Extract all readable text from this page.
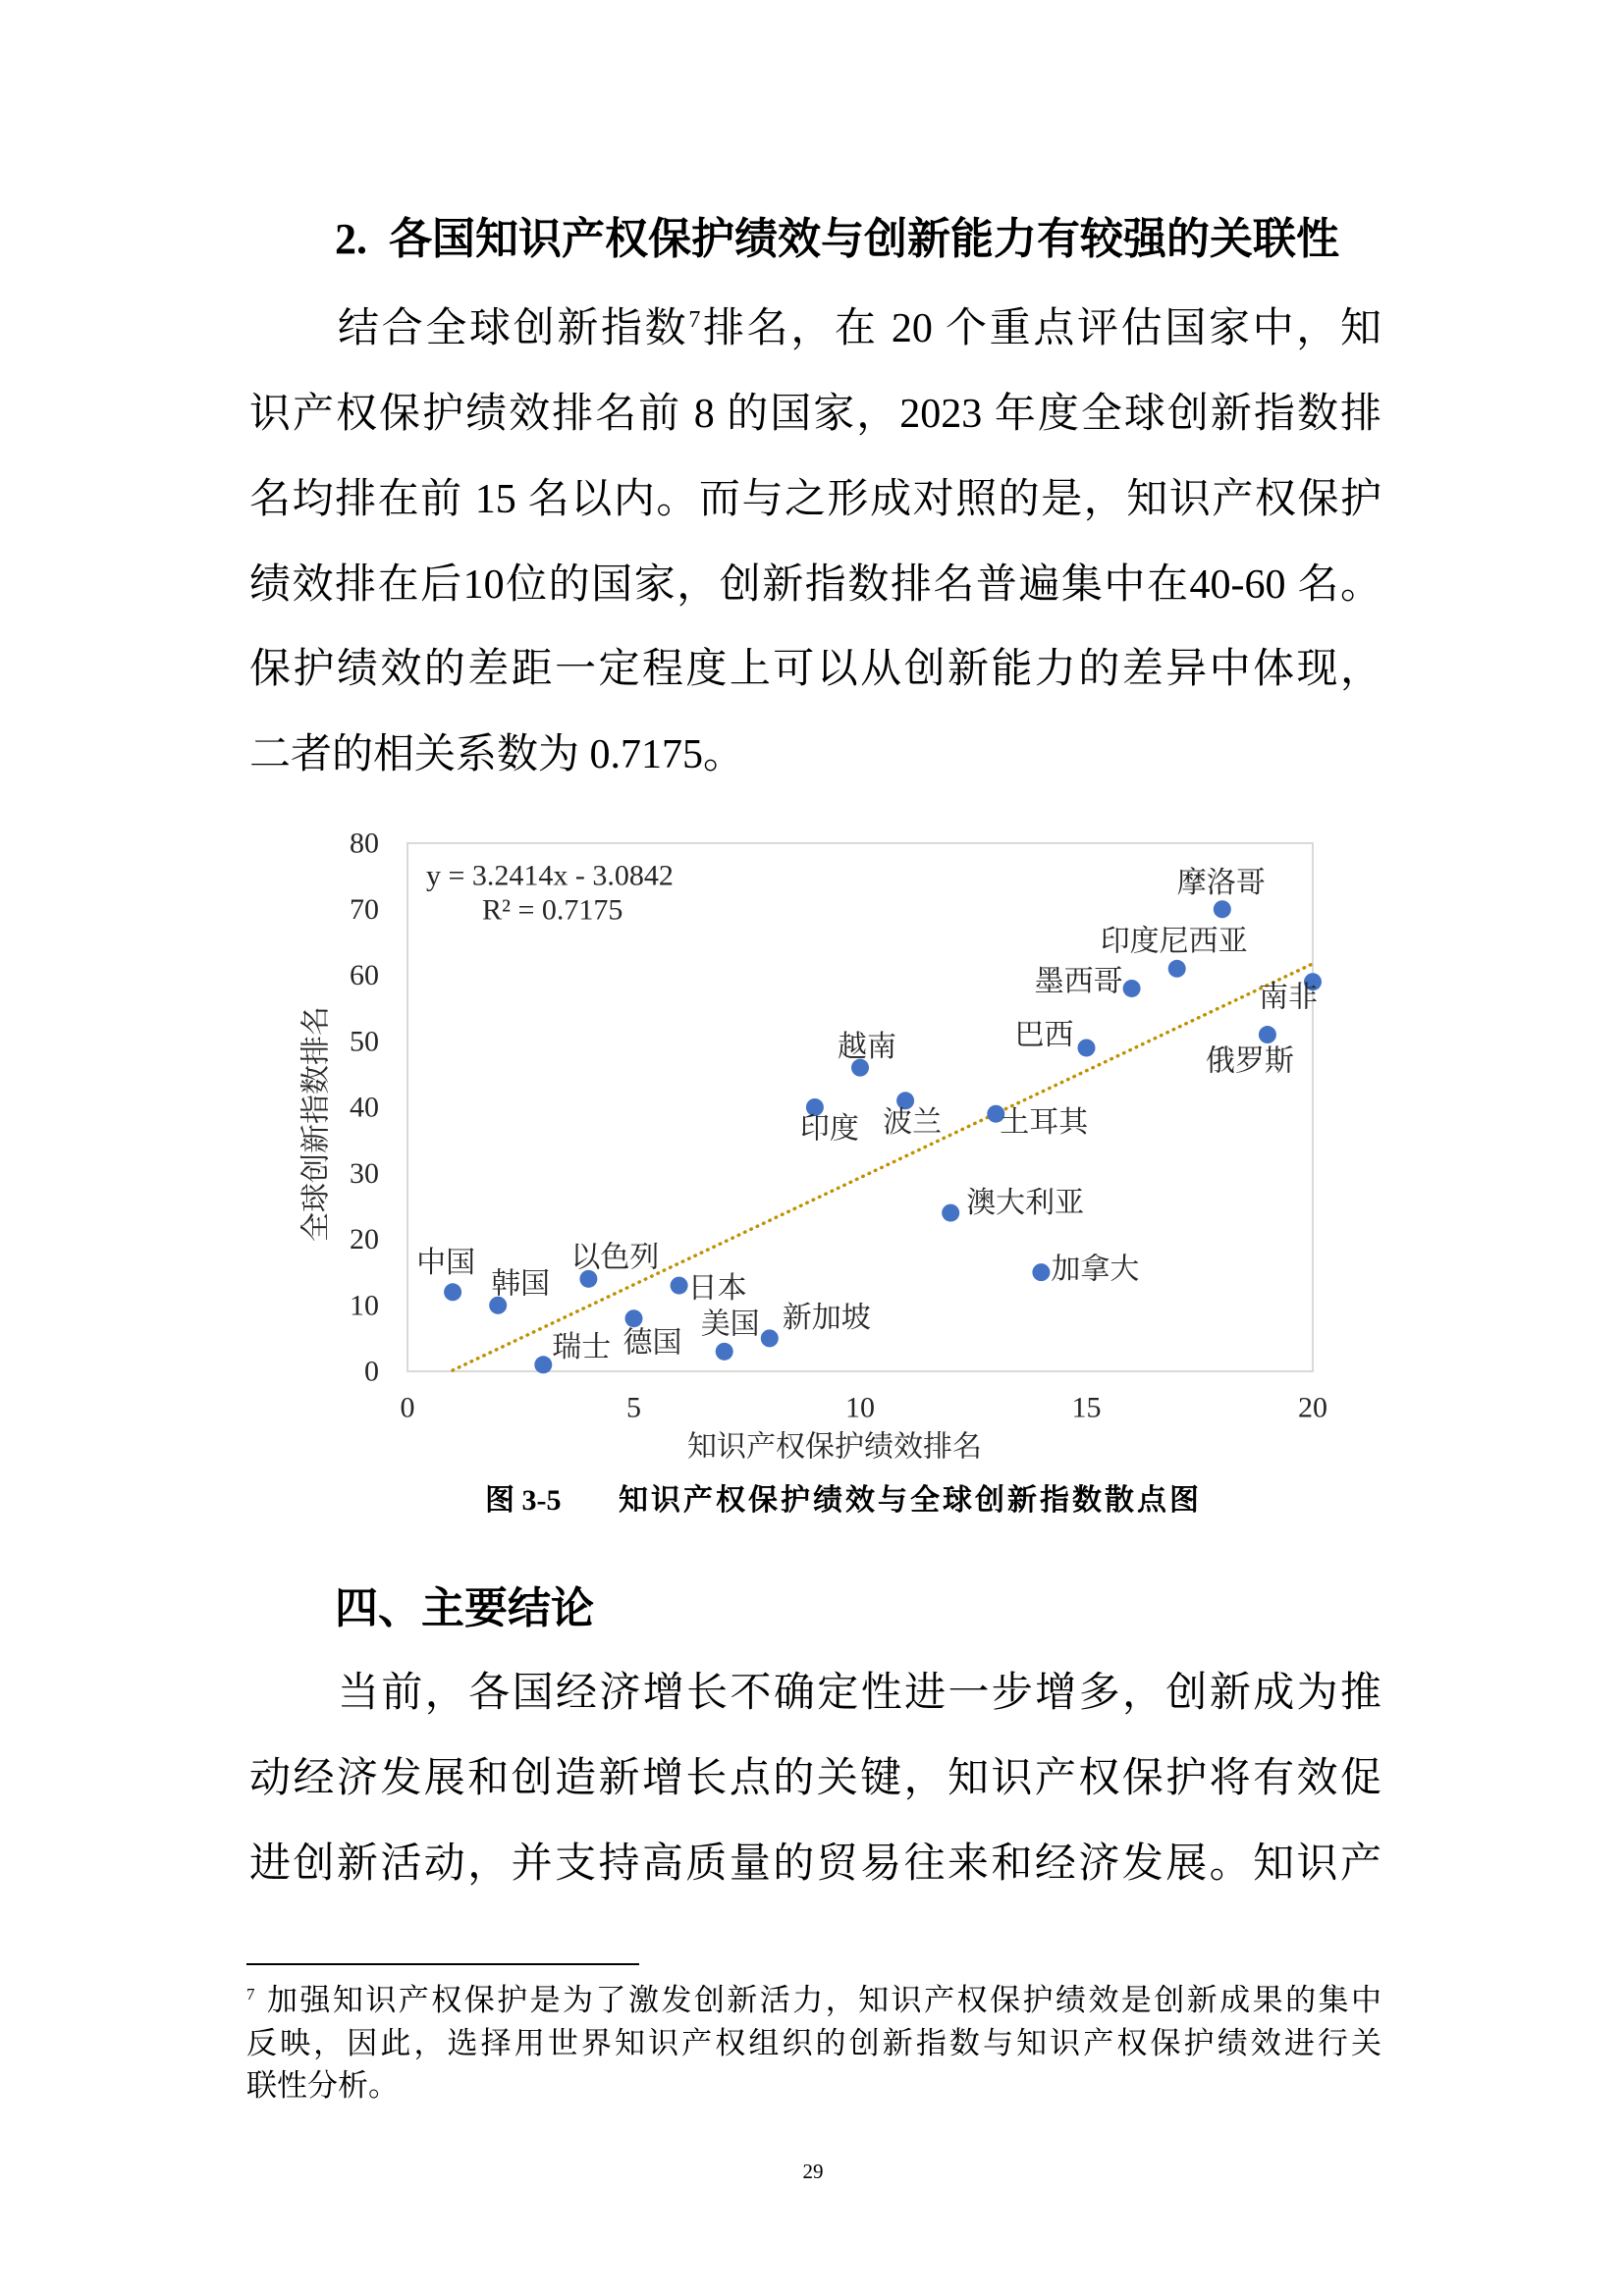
2. 各国知识产权保护绩效与创新能力有较强的关联性
结合全球创新指数$^7$排名，在 20 个重点评估国家中，知
识产权保护绩效排名前 8 的国家，2023 年度全球创新指数排
名均排在前 15 名以内。而与之形成对照的是，知识产权保护
绩效排在后10位的国家，创新指数排名普遍集中在40-60 名。
保护绩效的差距一定程度上可以从创新能力的差异中体现，
二者的相关系数为 0.7175。
中国
韩国
瑞士
以色列
德国
日本
美国 新加坡
印度
越南
波兰
澳大利亚
土耳其
加拿大
巴西
墨西哥
印度尼西亚
摩洛哥
俄罗斯
南非
0	5	10	15	20
0
10
20
30
40
50
60
70
80
y = 3.2414x - 3.0842
R² = 0.7175
知识产权保护绩效排名
全球创新指数排名
图 3-5 知识产权保护绩效与全球创新指数散点图
四、主要结论
当前，各国经济增长不确定性进一步增多，创新成为推
动经济发展和创造新增长点的关键，知识产权保护将有效促
进创新活动，并支持高质量的贸易往来和经济发展。知识产
$^7$ 加强知识产权保护是为了激发创新活力，知识产权保护绩效是创新成果的集中
反映，因此，选择用世界知识产权组织的创新指数与知识产权保护绩效进行关
联性分析。
29
